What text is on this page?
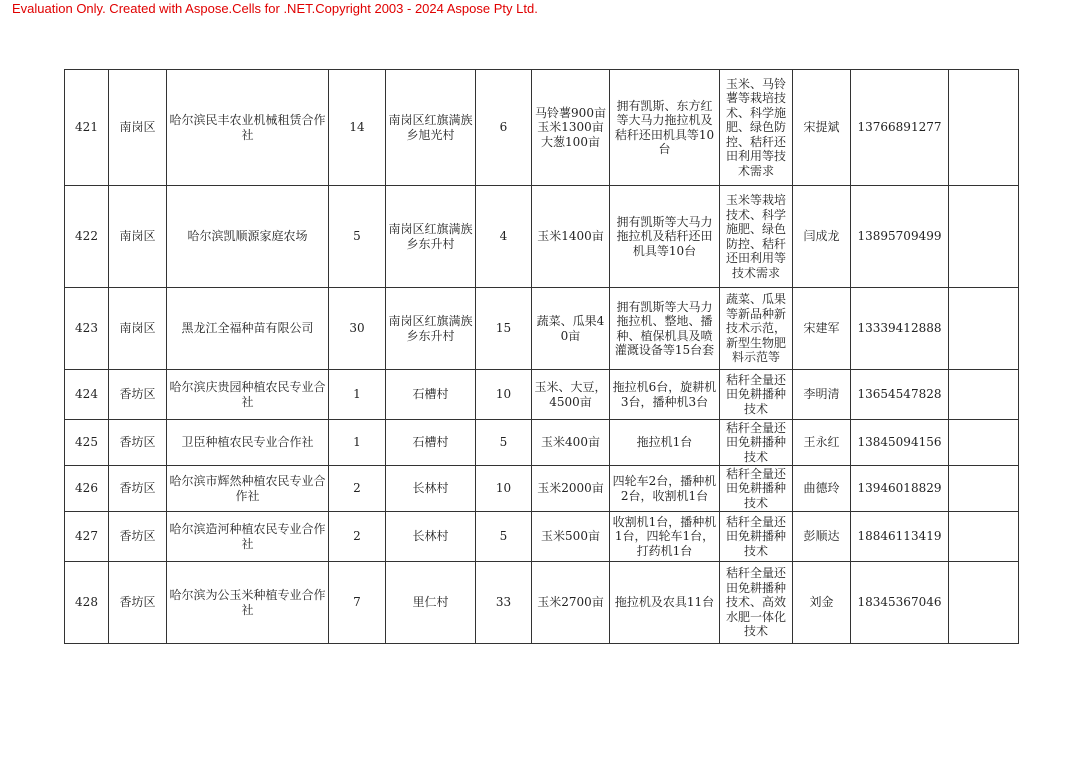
Evaluation Only. Created with Aspose.Cells for .NET.Copyright 2003 - 2024 Aspose Pty Ltd.
421	南岗区	哈尔滨民丰农业机械租赁合作社	14	南岗区红旗满族乡旭光村	6	马铃薯900亩玉米1300亩大葱100亩	拥有凯斯、东方红等大马力拖拉机及秸秆还田机具等10台	玉米、马铃薯等栽培技术、科学施肥、绿色防控、秸秆还田利用等技术需求	宋提斌	13766891277	
422	南岗区	哈尔滨凯顺源家庭农场	5	南岗区红旗满族乡东升村	4	玉米1400亩	拥有凯斯等大马力拖拉机及秸秆还田机具等10台	玉米等栽培技术、科学施肥、绿色防控、秸秆还田利用等技术需求	闫成龙	13895709499	
423	南岗区	黑龙江全福种苗有限公司	30	南岗区红旗满族乡东升村	15	蔬菜、瓜果40亩	拥有凯斯等大马力拖拉机、整地、播种、植保机具及喷灌溉设备等15台套	蔬菜、瓜果等新品种新技术示范，新型生物肥料示范等	宋建军	13339412888	
424	香坊区	哈尔滨庆贵园种植农民专业合社	1	石槽村	10	玉米、大豆，4500亩	拖拉机6台，旋耕机3台，播种机3台	秸秆全量还田免耕播种技术	李明清	13654547828	
425	香坊区	卫臣种植农民专业合作社	1	石槽村	5	玉米400亩	拖拉机1台	秸秆全量还田免耕播种技术	王永红	13845094156	
426	香坊区	哈尔滨市辉然种植农民专业合作社	2	长林村	10	玉米2000亩	四轮车2台，播种机2台，收割机1台	秸秆全量还田免耕播种技术	曲德玲	13946018829	
427	香坊区	哈尔滨造河种植农民专业合作社	2	长林村	5	玉米500亩	收割机1台，播种机1台，四轮车1台，打药机1台	秸秆全量还田免耕播种技术	彭顺达	18846113419	
428	香坊区	哈尔滨为公玉米种植专业合作社	7	里仁村	33	玉米2700亩	拖拉机及农具11台	秸秆全量还田免耕播种技术、高效水肥一体化技术	刘金	18345367046	
